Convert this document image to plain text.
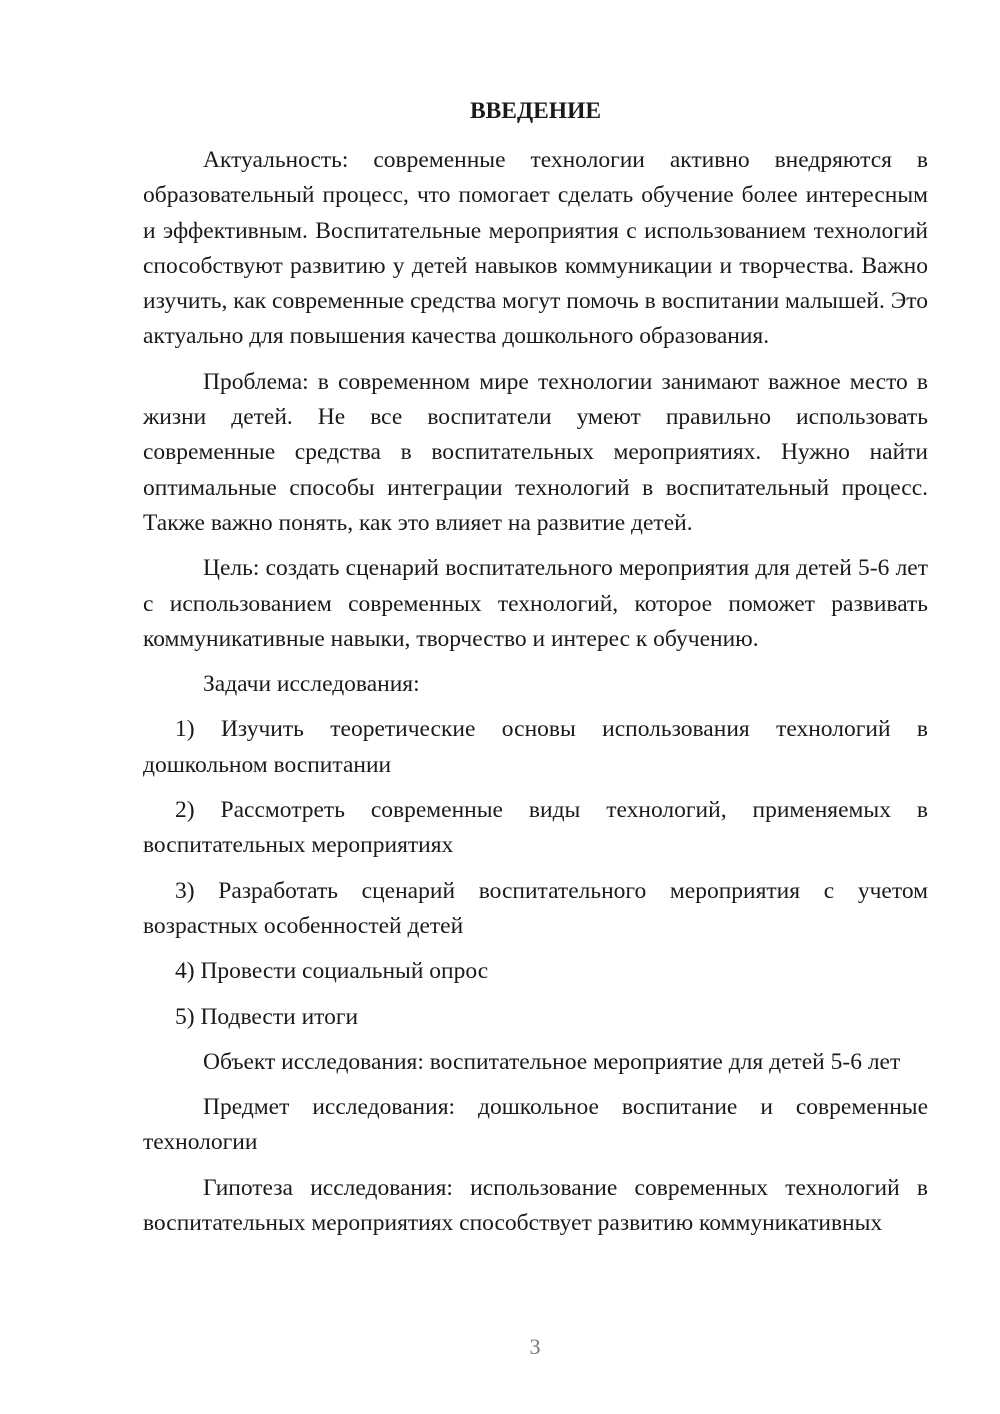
ВВЕДЕНИЕ

Актуальность: современные технологии активно внедряются в образовательный процесс, что помогает сделать обучение более интересным и эффективным. Воспитательные мероприятия с использованием технологий способствуют развитию у детей навыков коммуникации и творчества. Важно изучить, как современные средства могут помочь в воспитании малышей. Это актуально для повышения качества дошкольного образования.

Проблема: в современном мире технологии занимают важное место в жизни детей. Не все воспитатели умеют правильно использовать современные средства в воспитательных мероприятиях. Нужно найти оптимальные способы интеграции технологий в воспитательный процесс. Также важно понять, как это влияет на развитие детей.

Цель: создать сценарий воспитательного мероприятия для детей 5-6 лет с использованием современных технологий, которое поможет развивать коммуникативные навыки, творчество и интерес к обучению.

Задачи исследования:

1) Изучить теоретические основы использования технологий в дошкольном воспитании

2) Рассмотреть современные виды технологий, применяемых в воспитательных мероприятиях

3) Разработать сценарий воспитательного мероприятия с учетом возрастных особенностей детей

4) Провести социальный опрос

5) Подвести итоги

Объект исследования: воспитательное мероприятие для детей 5-6 лет

Предмет исследования: дошкольное воспитание и современные технологии

Гипотеза исследования: использование современных технологий в воспитательных мероприятиях способствует развитию коммуникативных

3
